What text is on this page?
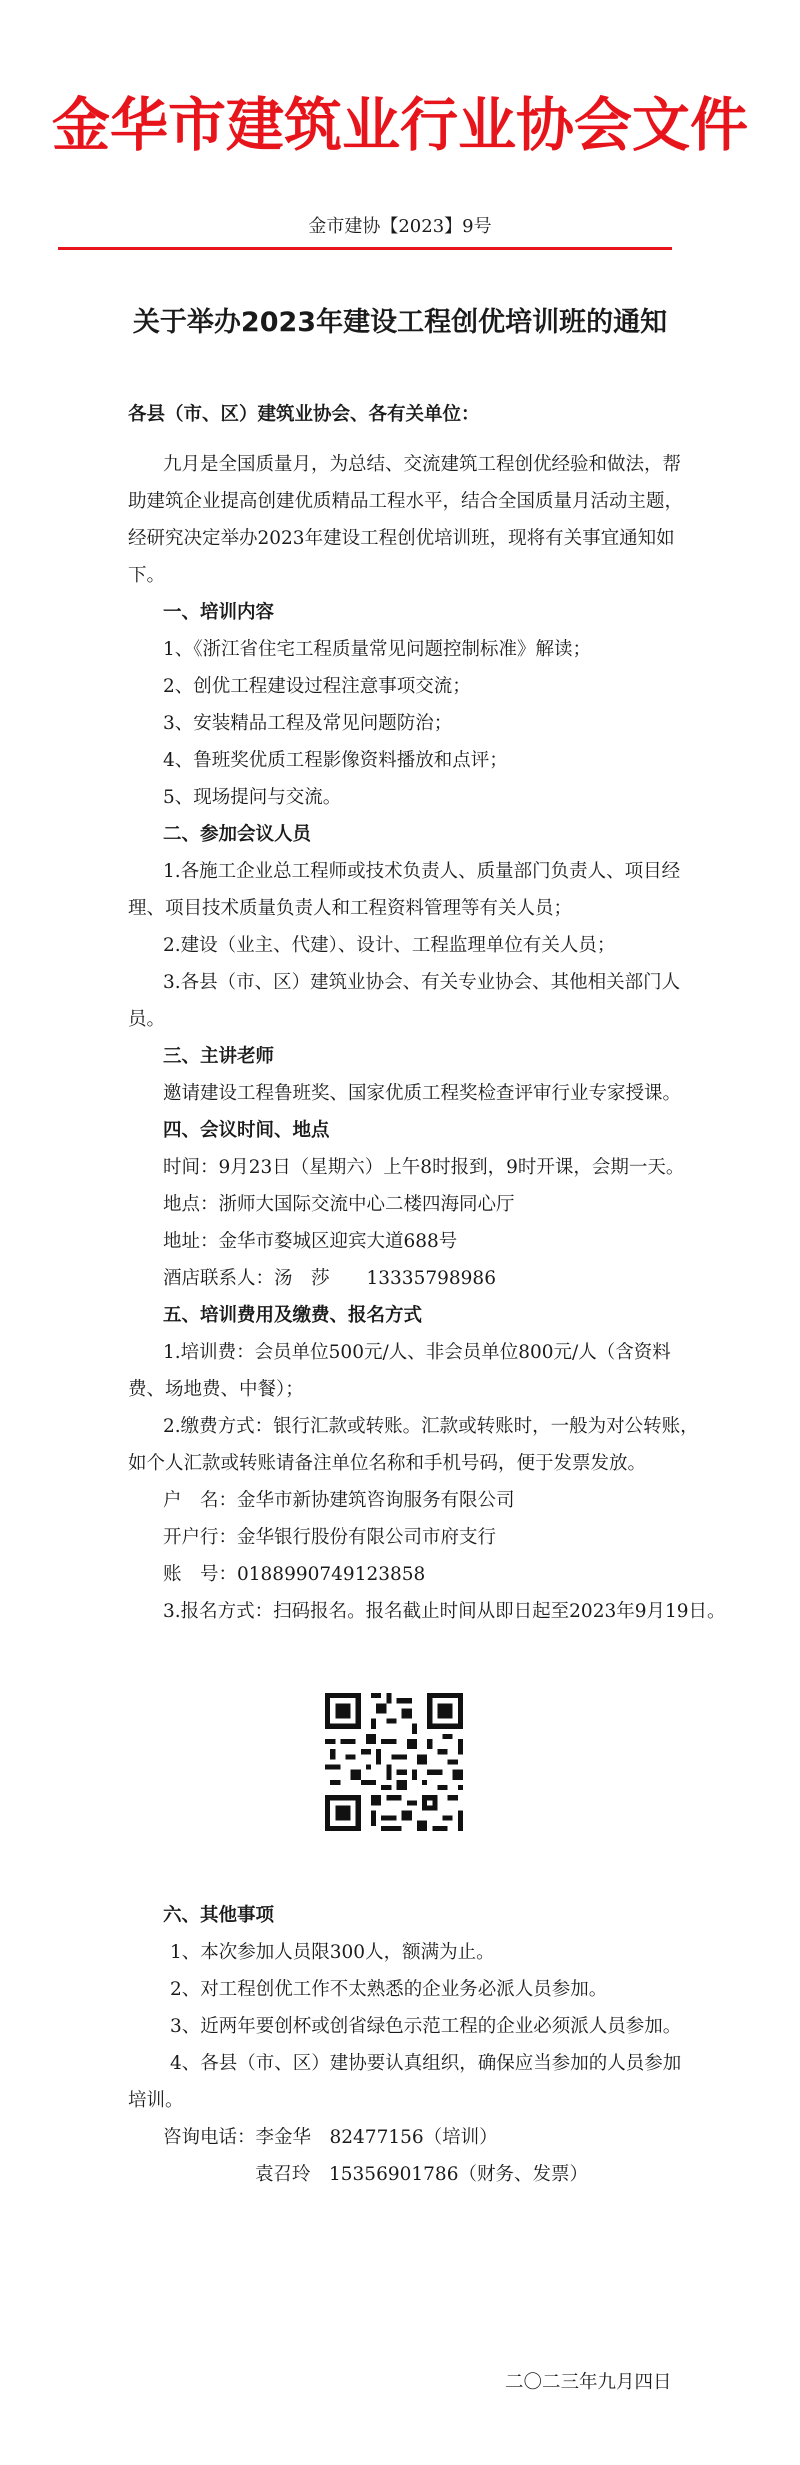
金华市建筑业行业协会文件
金市建协【2023】9号
关于举办2023年建设工程创优培训班的通知
各县（市、区）建筑业协会、各有关单位：
九月是全国质量月，为总结、交流建筑工程创优经验和做法，帮
助建筑企业提高创建优质精品工程水平，结合全国质量月活动主题，
经研究决定举办2023年建设工程创优培训班，现将有关事宜通知如
下。
一、培训内容
1、《浙江省住宅工程质量常见问题控制标准》解读；
2、创优工程建设过程注意事项交流；
3、安装精品工程及常见问题防治；
4、鲁班奖优质工程影像资料播放和点评；
5、现场提问与交流。
二、参加会议人员
1.各施工企业总工程师或技术负责人、质量部门负责人、项目经
理、项目技术质量负责人和工程资料管理等有关人员；
2.建设（业主、代建）、设计、工程监理单位有关人员；
3.各县（市、区）建筑业协会、有关专业协会、其他相关部门人
员。
三、主讲老师
邀请建设工程鲁班奖、国家优质工程奖检查评审行业专家授课。
四、会议时间、地点
时间：9月23日（星期六）上午8时报到，9时开课，会期一天。
地点：浙师大国际交流中心二楼四海同心厅
地址：金华市婺城区迎宾大道688号
酒店联系人：汤　莎　　13335798986
五、培训费用及缴费、报名方式
1.培训费：会员单位500元/人、非会员单位800元/人（含资料
费、场地费、中餐）；
2.缴费方式：银行汇款或转账。汇款或转账时，一般为对公转账，
如个人汇款或转账请备注单位名称和手机号码，便于发票发放。
户　名：金华市新协建筑咨询服务有限公司
开户行：金华银行股份有限公司市府支行
账　号：0188990749123858
3.报名方式：扫码报名。报名截止时间从即日起至2023年9月19日。
六、其他事项
1、本次参加人员限300人，额满为止。
2、对工程创优工作不太熟悉的企业务必派人员参加。
3、近两年要创杯或创省绿色示范工程的企业必须派人员参加。
4、各县（市、区）建协要认真组织，确保应当参加的人员参加
培训。
咨询电话：李金华　82477156（培训）
袁召玲　15356901786（财务、发票）
二〇二三年九月四日
